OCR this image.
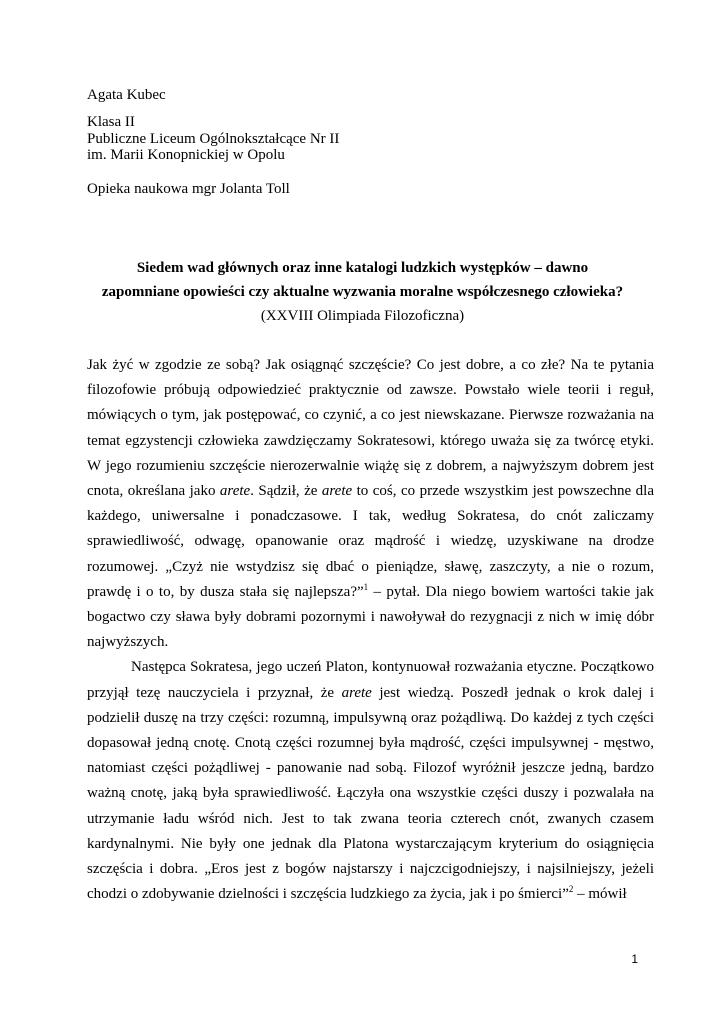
Agata Kubec
Klasa II
Publiczne Liceum Ogólnokształcące Nr II
im. Marii Konopnickiej w Opolu
Opieka naukowa mgr Jolanta Toll
Siedem wad głównych oraz inne katalogi ludzkich występków – dawno
zapomniane opowieści czy aktualne wyzwania moralne współczesnego człowieka?
(XXVIII Olimpiada Filozoficzna)

Jak żyć w zgodzie ze sobą? Jak osiągnąć szczęście? Co jest dobre, a co złe? Na te pytania filozofowie próbują odpowiedzieć praktycznie od zawsze. Powstało wiele teorii i reguł, mówiących o tym, jak postępować, co czynić, a co jest niewskazane. Pierwsze rozważania na temat egzystencji człowieka zawdzięczamy Sokratesowi, którego uważa się za twórcę etyki. W jego rozumieniu szczęście nierozerwalnie wiążę się z dobrem, a najwyższym dobrem jest cnota, określana jako arete. Sądził, że arete to coś, co przede wszystkim jest powszechne dla każdego, uniwersalne i ponadczasowe. I tak, według Sokratesa, do cnót zaliczamy sprawiedliwość, odwagę, opanowanie oraz mądrość i wiedzę, uzyskiwane na drodze rozumowej. „Czyż nie wstydzisz się dbać o pieniądze, sławę, zaszczyty, a nie o rozum, prawdę i o to, by dusza stała się najlepsza?”$^1$ – pytał. Dla niego bowiem wartości takie jak bogactwo czy sława były dobrami pozornymi i nawoływał do rezygnacji z nich w imię dóbr najwyższych.

Następca Sokratesa, jego uczeń Platon, kontynuował rozważania etyczne. Początkowo przyjął tezę nauczyciela i przyznał, że arete jest wiedzą. Poszedł jednak o krok dalej i podzielił duszę na trzy części: rozumną, impulsywną oraz pożądliwą. Do każdej z tych części dopasował jedną cnotę. Cnotą części rozumnej była mądrość, części impulsywnej - męstwo, natomiast części pożądliwej - panowanie nad sobą. Filozof wyróżnił jeszcze jedną, bardzo ważną cnotę, jaką była sprawiedliwość. Łączyła ona wszystkie części duszy i pozwalała na utrzymanie ładu wśród nich. Jest to tak zwana teoria czterech cnót, zwanych czasem kardynalnymi. Nie były one jednak dla Platona wystarczającym kryterium do osiągnięcia szczęścia i dobra. „Eros jest z bogów najstarszy i najczcigodniejszy, i najsilniejszy, jeżeli chodzi o zdobywanie dzielności i szczęścia ludzkiego za życia, jak i po śmierci”$^2$ – mówił

1
